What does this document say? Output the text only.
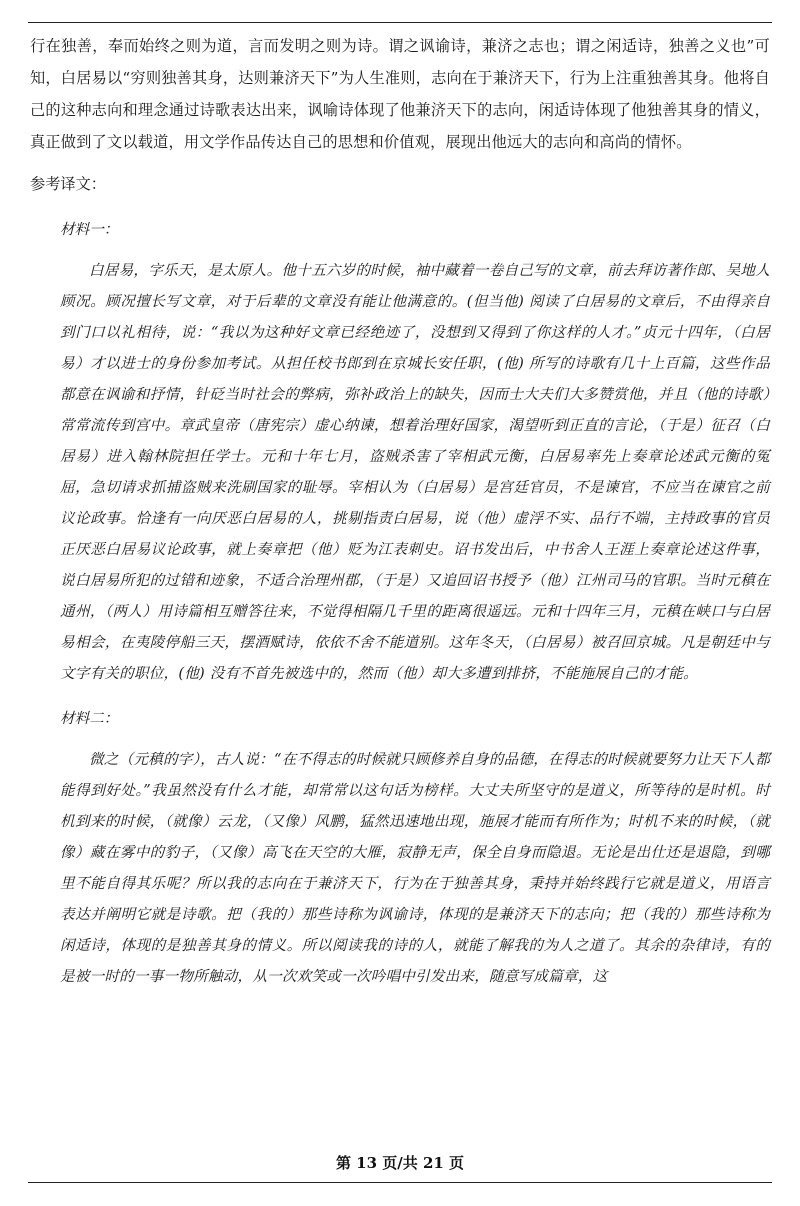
行在独善，奉而始终之则为道，言而发明之则为诗。谓之讽谕诗，兼济之志也；谓之闲适诗，独善之义也”可知，白居易以“穷则独善其身，达则兼济天下”为人生准则，志向在于兼济天下，行为上注重独善其身。他将自己的这种志向和理念通过诗歌表达出来，讽喻诗体现了他兼济天下的志向，闲适诗体现了他独善其身的情义，真正做到了文以载道，用文学作品传达自己的思想和价值观，展现出他远大的志向和高尚的情怀。

参考译文：

材料一：

白居易，字乐天，是太原人。他十五六岁的时候，袖中藏着一卷自己写的文章，前去拜访著作郎、吴地人顾况。顾况擅长写文章，对于后辈的文章没有能让他满意的。(但当他) 阅读了白居易的文章后，不由得亲自到门口以礼相待，说：“我以为这种好文章已经绝迹了，没想到又得到了你这样的人才。”贞元十四年，（白居易）才以进士的身份参加考试。从担任校书郎到在京城长安任职，(他) 所写的诗歌有几十上百篇，这些作品都意在讽谕和抒情，针砭当时社会的弊病，弥补政治上的缺失，因而士大夫们大多赞赏他，并且（他的诗歌）常常流传到宫中。章武皇帝（唐宪宗）虚心纳谏，想着治理好国家，渴望听到正直的言论，（于是）征召（白居易）进入翰林院担任学士。元和十年七月，盗贼杀害了宰相武元衡，白居易率先上奏章论述武元衡的冤屈，急切请求抓捕盗贼来洗刷国家的耻辱。宰相认为（白居易）是宫廷官员，不是谏官，不应当在谏官之前议论政事。恰逢有一向厌恶白居易的人，挑剔指责白居易，说（他）虚浮不实、品行不端，主持政事的官员正厌恶白居易议论政事，就上奏章把（他）贬为江表刺史。诏书发出后，中书舍人王涯上奏章论述这件事，说白居易所犯的过错和迹象，不适合治理州郡，（于是）又追回诏书授予（他）江州司马的官职。当时元稹在通州，（两人）用诗篇相互赠答往来，不觉得相隔几千里的距离很遥远。元和十四年三月，元稹在峡口与白居易相会，在夷陵停船三天，摆酒赋诗，依依不舍不能道别。这年冬天，（白居易）被召回京城。凡是朝廷中与文字有关的职位，(他) 没有不首先被选中的，然而（他）却大多遭到排挤，不能施展自己的才能。

材料二：

微之（元稹的字），古人说：“在不得志的时候就只顾修养自身的品德，在得志的时候就要努力让天下人都能得到好处。”我虽然没有什么才能，却常常以这句话为榜样。大丈夫所坚守的是道义，所等待的是时机。时机到来的时候，（就像）云龙，（又像）风鹏，猛然迅速地出现，施展才能而有所作为；时机不来的时候，（就像）藏在雾中的豹子，（又像）高飞在天空的大雁，寂静无声，保全自身而隐退。无论是出仕还是退隐，到哪里不能自得其乐呢？所以我的志向在于兼济天下，行为在于独善其身，秉持并始终践行它就是道义，用语言表达并阐明它就是诗歌。把（我的）那些诗称为讽谕诗，体现的是兼济天下的志向；把（我的）那些诗称为闲适诗，体现的是独善其身的情义。所以阅读我的诗的人，就能了解我的为人之道了。其余的杂律诗，有的是被一时的一事一物所触动，从一次欢笑或一次吟唱中引发出来，随意写成篇章，这

第 13 页/共 21 页
